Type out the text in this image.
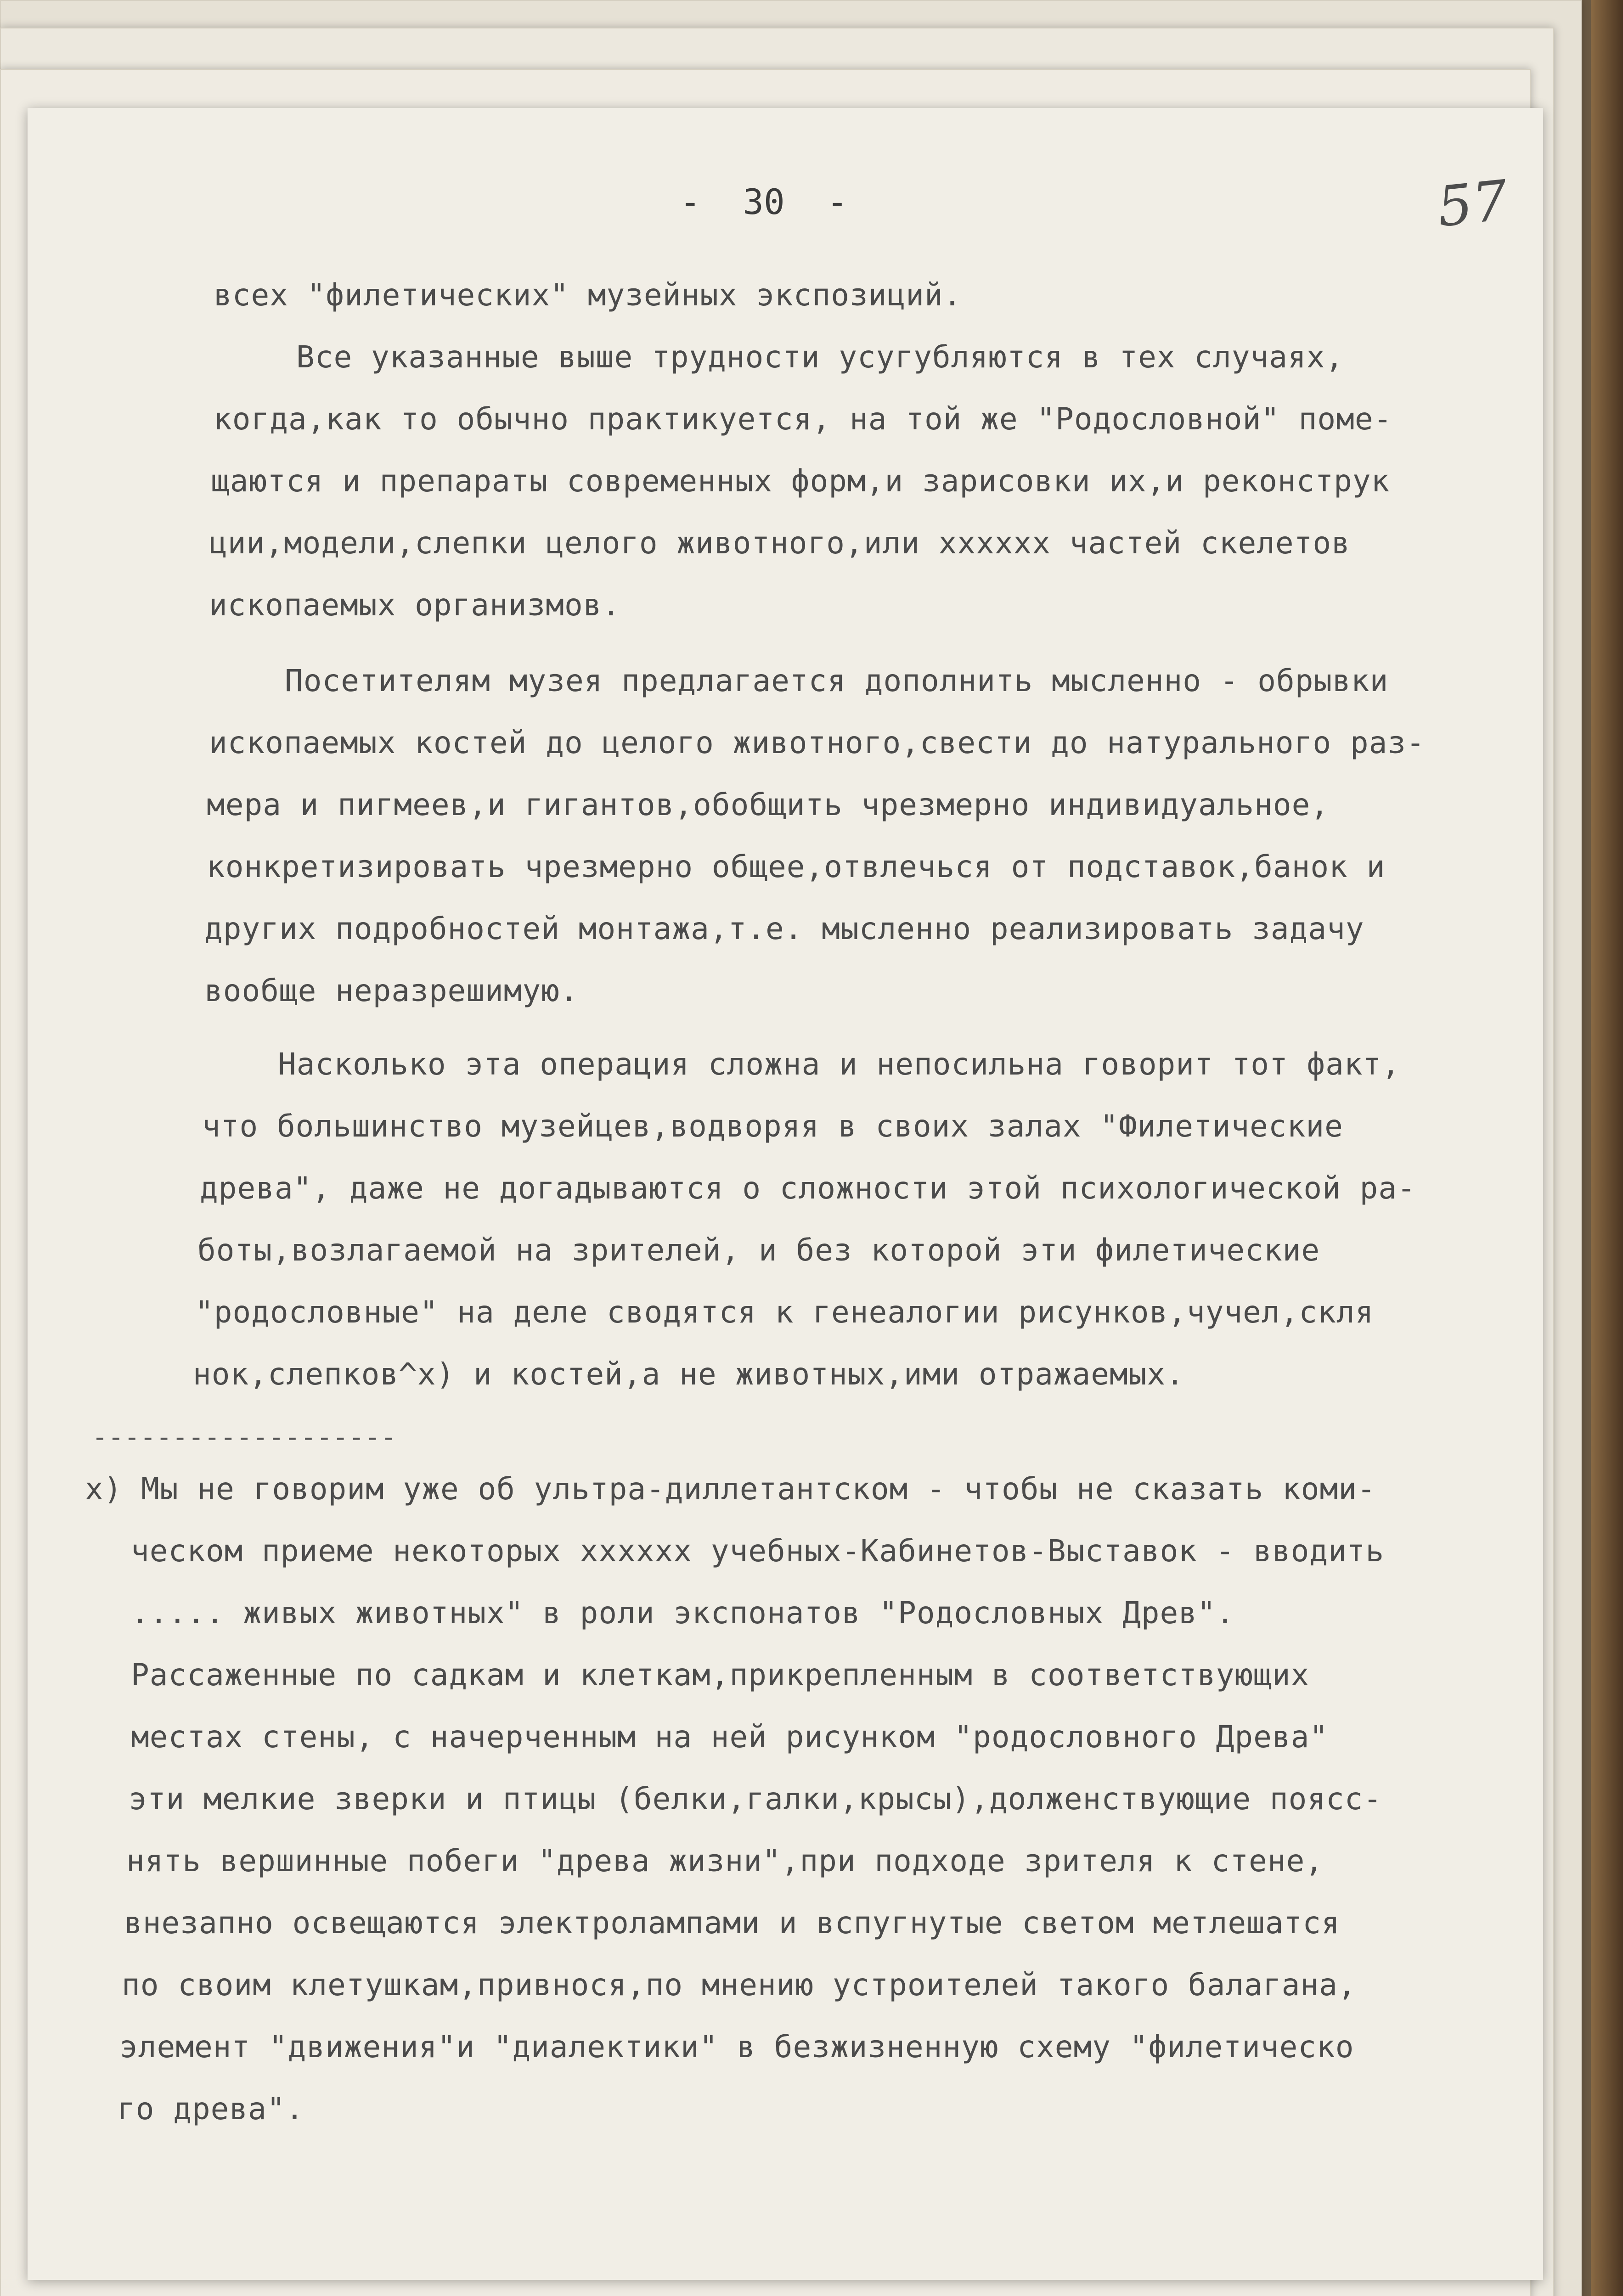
-  30  -	57
всех "филетических" музейных экспозиций.
Все указанные выше трудности усугубляются в тех случаях,
когда,как то обычно практикуется, на той же "Родословной" поме-
щаются и препараты современных форм,и зарисовки их,и реконструк
ции,модели,слепки целого животного,или хххххх частей скелетов
ископаемых организмов.
Посетителям музея предлагается дополнить мысленно - обрывки
ископаемых костей до целого животного,свести до натурального раз-
мера и пигмеев,и гигантов,обобщить чрезмерно индивидуальное,
конкретизировать чрезмерно общее,отвлечься от подставок,банок и
других подробностей монтажа,т.е. мысленно реализировать задачу
вообще неразрешимую.
Насколько эта операция сложна и непосильна говорит тот факт,
что большинство музейцев,водворяя в своих залах "Филетические
древа", даже не догадываются о сложности этой психологической ра-
боты,возлагаемой на зрителей, и без которой эти филетические
"родословные" на деле сводятся к генеалогии рисунков,чучел,скля
нок,слепков^x) и костей,а не животных,ими отражаемых.
-------------------
x) Мы не говорим уже об ультра-диллетантском - чтобы не сказать коми-
ческом приеме некоторых хххххх учебных-Кабинетов-Выставок - вводить
..... живых животных" в роли экспонатов "Родословных Древ".
Рассаженные по садкам и клеткам,прикрепленным в соответствующих
местах стены, с начерченным на ней рисунком "родословного Древа"
эти мелкие зверки и птицы (белки,галки,крысы),долженствующие поясс-
нять вершинные побеги "древа жизни",при подходе зрителя к стене,
внезапно освещаются электролампами и вспугнутые светом метлешатся
по своим клетушкам,привнося,по мнению устроителей такого балагана,
элемент "движения"и "диалектики" в безжизненную схему "филетическо
го древа".
